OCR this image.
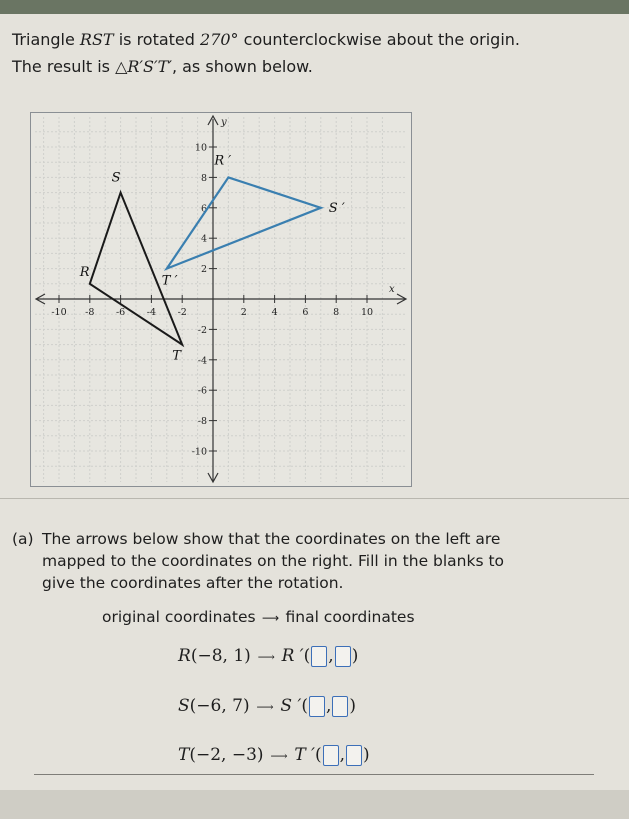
Triangle RST is rotated 270° counterclockwise about the origin.
The result is △R′S′T′, as shown below.
y
x
-10 -8 -6 -4 -2	2	4	6	8 10
10
8
6
4
2
-2
-4
-6
-8
-10
R
S
T
R ′
S ′
T ′
(a) The arrows below show that the coordinates on the left are
mapped to the coordinates on the right. Fill in the blanks to
give the coordinates after the rotation.
original coordinates ⟶ final coordinates
R(−8, 1) ⟶ R ′( , )
S(−6, 7) ⟶ S ′( , )
T(−2, −3) ⟶ T ′( , )
